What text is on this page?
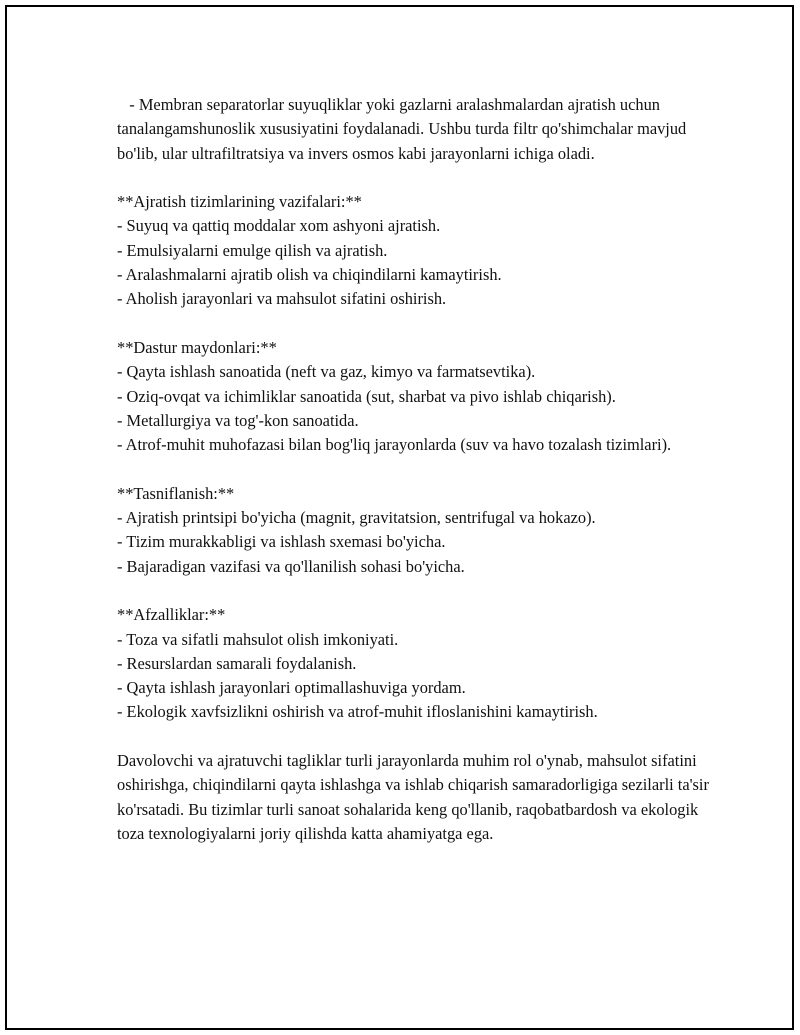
- Membran separatorlar suyuqliklar yoki gazlarni aralashmalardan ajratish uchun tanalangamshunoslik xususiyatini foydalanadi. Ushbu turda filtr qo'shimchalar mavjud bo'lib, ular ultrafiltratsiya va invers osmos kabi jarayonlarni ichiga oladi.

**Ajratish tizimlarining vazifalari:**
- Suyuq va qattiq moddalar xom ashyoni ajratish.
- Emulsiyalarni emulge qilish va ajratish.
- Aralashmalarni ajratib olish va chiqindilarni kamaytirish.
- Aholish jarayonlari va mahsulot sifatini oshirish.
**Dastur maydonlari:**
- Qayta ishlash sanoatida (neft va gaz, kimyo va farmatsevtika).
- Oziq-ovqat va ichimliklar sanoatida (sut, sharbat va pivo ishlab chiqarish).
- Metallurgiya va tog'-kon sanoatida.
- Atrof-muhit muhofazasi bilan bog'liq jarayonlarda (suv va havo tozalash tizimlari).
**Tasniflanish:**
- Ajratish printsipi bo'yicha (magnit, gravitatsion, sentrifugal va hokazo).
- Tizim murakkabligi va ishlash sxemasi bo'yicha.
- Bajaradigan vazifasi va qo'llanilish sohasi bo'yicha.
**Afzalliklar:**
- Toza va sifatli mahsulot olish imkoniyati.
- Resurslardan samarali foydalanish.
- Qayta ishlash jarayonlari optimallashuviga yordam.
- Ekologik xavfsizlikni oshirish va atrof-muhit ifloslanishini kamaytirish.

Davolovchi va ajratuvchi tagliklar turli jarayonlarda muhim rol o'ynab, mahsulot sifatini oshirishga, chiqindilarni qayta ishlashga va ishlab chiqarish samaradorligiga sezilarli ta'sir ko'rsatadi. Bu tizimlar turli sanoat sohalarida keng qo'llanib, raqobatbardosh va ekologik toza texnologiyalarni joriy qilishda katta ahamiyatga ega.
